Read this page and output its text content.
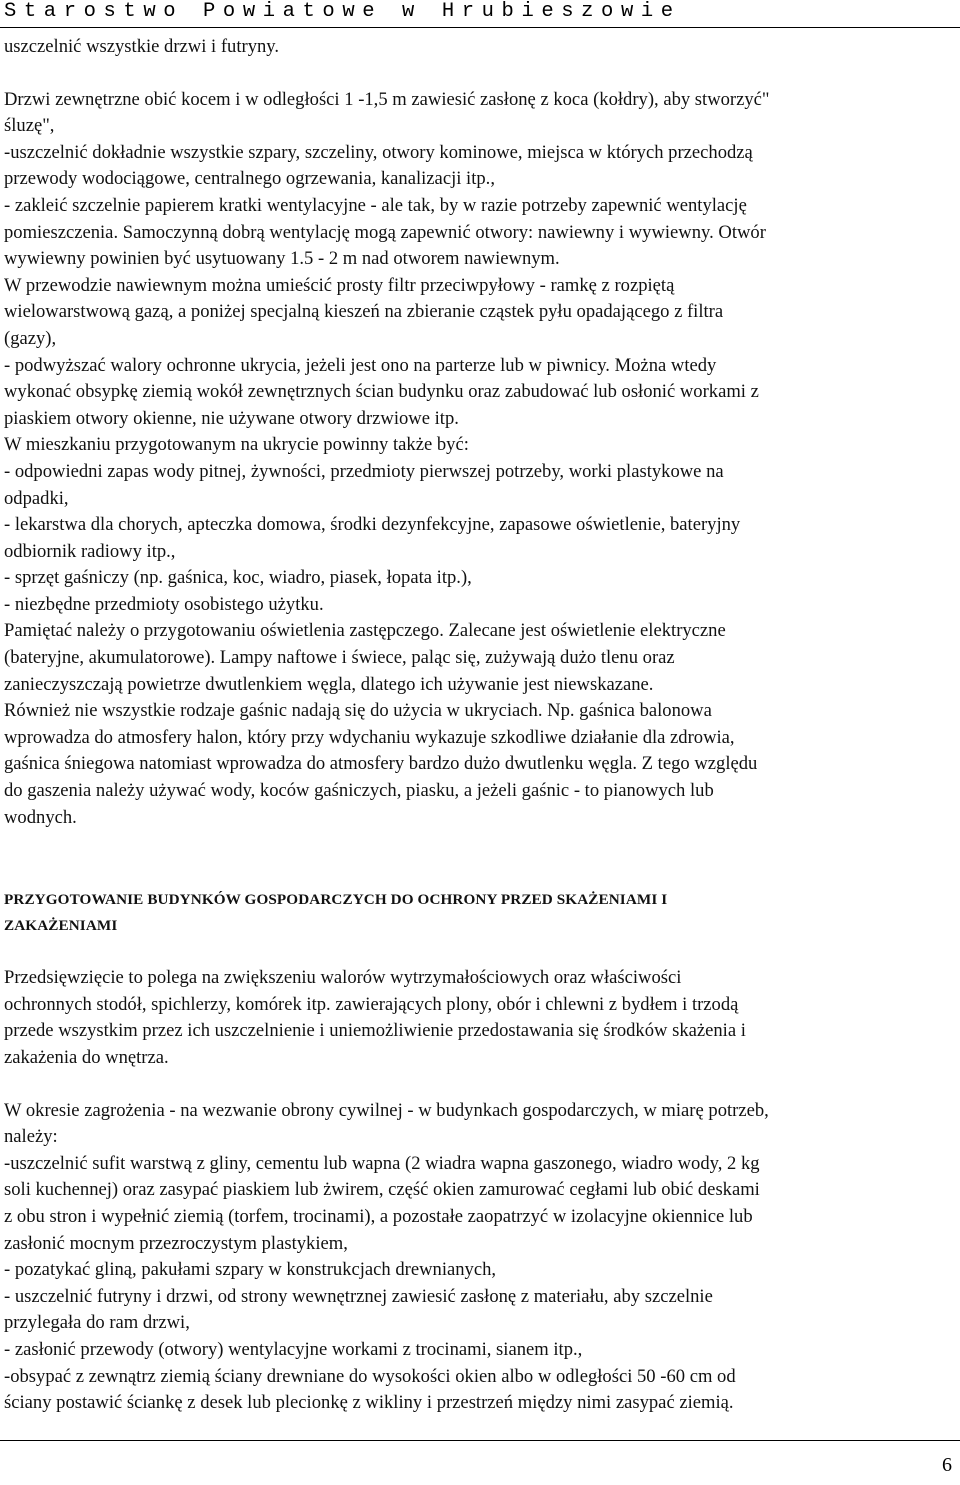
Starostwo Powiatowe w Hrubieszowie

uszczelnić wszystkie drzwi i futryny.

Drzwi zewnętrzne obić kocem i w odległości 1 -1,5 m zawiesić zasłonę z koca (kołdry), aby stworzyć"
śluzę",
-uszczelnić dokładnie wszystkie szpary, szczeliny, otwory kominowe, miejsca w których przechodzą
przewody wodociągowe, centralnego ogrzewania, kanalizacji itp.,
- zakleić szczelnie papierem kratki wentylacyjne - ale tak, by w razie potrzeby zapewnić wentylację
pomieszczenia. Samoczynną dobrą wentylację mogą zapewnić otwory: nawiewny i wywiewny. Otwór
wywiewny powinien być usytuowany 1.5 - 2 m nad otworem nawiewnym.
W przewodzie nawiewnym można umieścić prosty filtr przeciwpyłowy - ramkę z rozpiętą
wielowarstwową gazą, a poniżej specjalną kieszeń na zbieranie cząstek pyłu opadającego z filtra
(gazy),
- podwyższać walory ochronne ukrycia, jeżeli jest ono na parterze lub w piwnicy. Można wtedy
wykonać obsypkę ziemią wokół zewnętrznych ścian budynku oraz zabudować lub osłonić workami z
piaskiem otwory okienne, nie używane otwory drzwiowe itp.
W mieszkaniu przygotowanym na ukrycie powinny także być:
- odpowiedni zapas wody pitnej, żywności, przedmioty pierwszej potrzeby, worki plastykowe na
odpadki,
- lekarstwa dla chorych, apteczka domowa, środki dezynfekcyjne, zapasowe oświetlenie, bateryjny
odbiornik radiowy itp.,
- sprzęt gaśniczy (np. gaśnica, koc, wiadro, piasek, łopata itp.),
- niezbędne przedmioty osobistego użytku.
Pamiętać należy o przygotowaniu oświetlenia zastępczego. Zalecane jest oświetlenie elektryczne
(bateryjne, akumulatorowe). Lampy naftowe i świece, paląc się, zużywają dużo tlenu oraz
zanieczyszczają powietrze dwutlenkiem węgla, dlatego ich używanie jest niewskazane.
Również nie wszystkie rodzaje gaśnic nadają się do użycia w ukryciach. Np. gaśnica balonowa
wprowadza do atmosfery halon, który przy wdychaniu wykazuje szkodliwe działanie dla zdrowia,
gaśnica śniegowa natomiast wprowadza do atmosfery bardzo dużo dwutlenku węgla. Z tego względu
do gaszenia należy używać wody, koców gaśniczych, piasku, a jeżeli gaśnic - to pianowych lub
wodnych.

PRZYGOTOWANIE BUDYNKÓW GOSPODARCZYCH DO OCHRONY PRZED SKAŻENIAMI I
ZAKAŻENIAMI

Przedsięwzięcie to polega na zwiększeniu walorów wytrzymałościowych oraz właściwości
ochronnych stodół, spichlerzy, komórek itp. zawierających plony, obór i chlewni z bydłem i trzodą
przede wszystkim przez ich uszczelnienie i uniemożliwienie przedostawania się środków skażenia i
zakażenia do wnętrza.

W okresie zagrożenia - na wezwanie obrony cywilnej - w budynkach gospodarczych, w miarę potrzeb,
należy:
-uszczelnić sufit warstwą z gliny, cementu lub wapna (2 wiadra wapna gaszonego, wiadro wody, 2 kg
soli kuchennej) oraz zasypać piaskiem lub żwirem, część okien zamurować cegłami lub obić deskami
z obu stron i wypełnić ziemią (torfem, trocinami), a pozostałe zaopatrzyć w izolacyjne okiennice lub
zasłonić mocnym przezroczystym plastykiem,
- pozatykać gliną, pakułami szpary w konstrukcjach drewnianych,
- uszczelnić futryny i drzwi, od strony wewnętrznej zawiesić zasłonę z materiału, aby szczelnie
przylegała do ram drzwi,
- zasłonić przewody (otwory) wentylacyjne workami z trocinami, sianem itp.,
-obsypać z zewnątrz ziemią ściany drewniane do wysokości okien albo w odległości 50 -60 cm od
ściany postawić ściankę z desek lub plecionkę z wikliny i przestrzeń między nimi zasypać ziemią.

6
